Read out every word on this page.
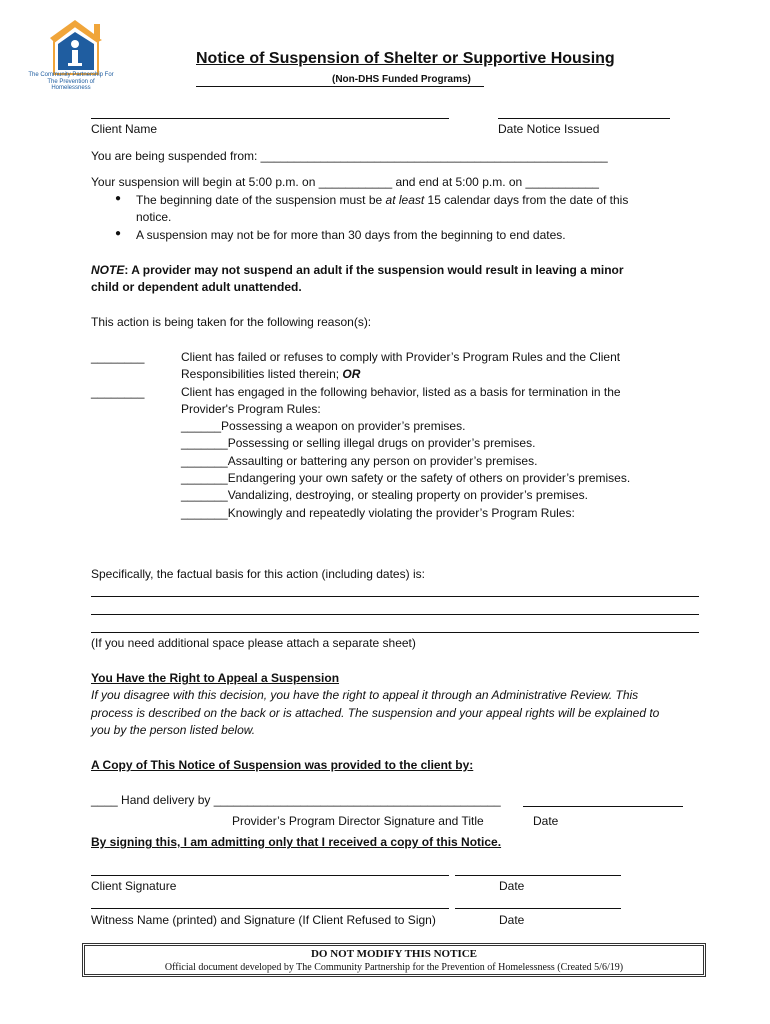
The Community Partnership For The Prevention of Homelessness
Notice of Suspension of Shelter or Supportive Housing
(Non-DHS Funded Programs)
Client Name	Date Notice Issued
You are being suspended from: ____________________________________________________
Your suspension will begin at 5:00 p.m. on ___________ and end at 5:00 p.m. on ___________
● The beginning date of the suspension must be at least 15 calendar days from the date of this
notice.
● A suspension may not be for more than 30 days from the beginning to end dates.
NOTE: A provider may not suspend an adult if the suspension would result in leaving a minor
child or dependent adult unattended.
This action is being taken for the following reason(s):
________	Client has failed or refuses to comply with Provider’s Program Rules and the Client
Responsibilities listed therein; OR
________	Client has engaged in the following behavior, listed as a basis for termination in the
Provider's Program Rules:
______Possessing a weapon on provider’s premises.
_______Possessing or selling illegal drugs on provider’s premises.
_______Assaulting or battering any person on provider’s premises.
_______Endangering your own safety or the safety of others on provider’s premises.
_______Vandalizing, destroying, or stealing property on provider’s premises.
_______Knowingly and repeatedly violating the provider’s Program Rules:
Specifically, the factual basis for this action (including dates) is:
(If you need additional space please attach a separate sheet)
You Have the Right to Appeal a Suspension
If you disagree with this decision, you have the right to appeal it through an Administrative Review. This
process is described on the back or is attached. The suspension and your appeal rights will be explained to
you by the person listed below.
A Copy of This Notice of Suspension was provided to the client by:
____ Hand delivery by ___________________________________________
Provider’s Program Director Signature and Title	Date
By signing this, I am admitting only that I received a copy of this Notice.
Client Signature	Date
Witness Name (printed) and Signature (If Client Refused to Sign)	Date
DO NOT MODIFY THIS NOTICE
Official document developed by The Community Partnership for the Prevention of Homelessness (Created 5/6/19)
